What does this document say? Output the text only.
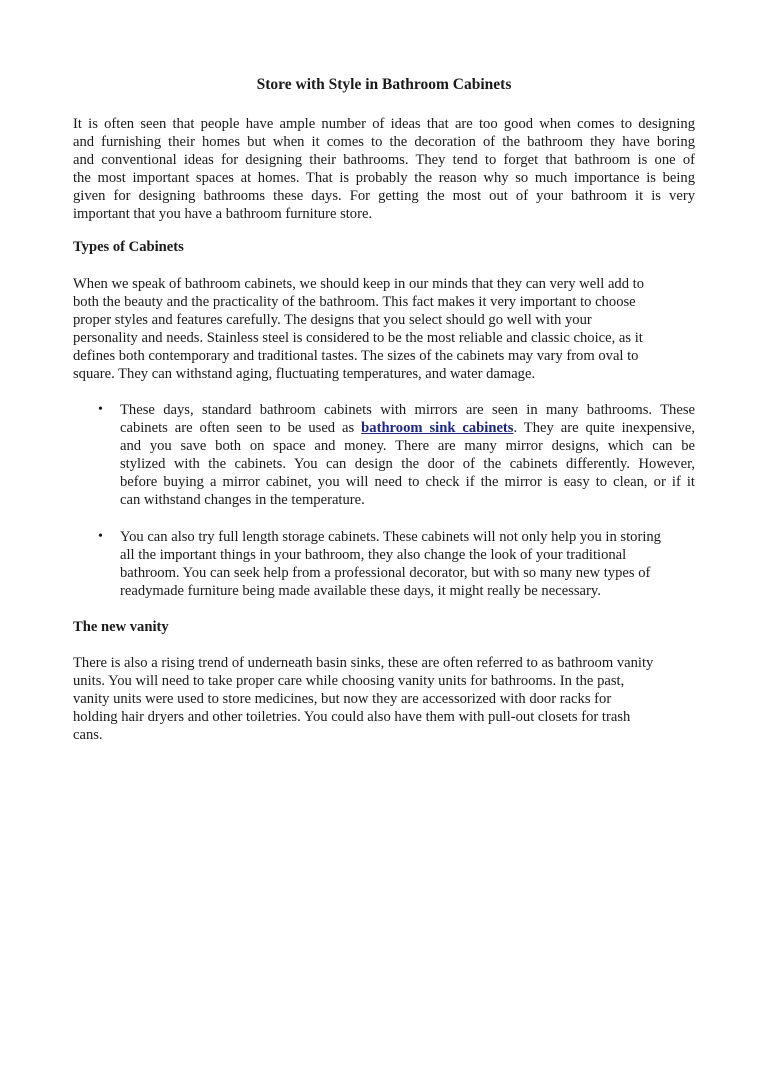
Store with Style in Bathroom Cabinets
It is often seen that people have ample number of ideas that are too good when comes to designing
and furnishing their homes but when it comes to the decoration of the bathroom they have boring
and conventional ideas for designing their bathrooms. They tend to forget that bathroom is one of
the most important spaces at homes. That is probably the reason why so much importance is being
given for designing bathrooms these days. For getting the most out of your bathroom it is very
important that you have a bathroom furniture store.
Types of Cabinets
When we speak of bathroom cabinets, we should keep in our minds that they can very well add to
both the beauty and the practicality of the bathroom. This fact makes it very important to choose
proper styles and features carefully. The designs that you select should go well with your
personality and needs. Stainless steel is considered to be the most reliable and classic choice, as it
defines both contemporary and traditional tastes. The sizes of the cabinets may vary from oval to
square. They can withstand aging, fluctuating temperatures, and water damage.
• These days, standard bathroom cabinets with mirrors are seen in many bathrooms. These
cabinets are often seen to be used as bathroom sink cabinets. They are quite inexpensive,
and you save both on space and money. There are many mirror designs, which can be
stylized with the cabinets. You can design the door of the cabinets differently. However,
before buying a mirror cabinet, you will need to check if the mirror is easy to clean, or if it
can withstand changes in the temperature.
• You can also try full length storage cabinets. These cabinets will not only help you in storing
all the important things in your bathroom, they also change the look of your traditional
bathroom. You can seek help from a professional decorator, but with so many new types of
readymade furniture being made available these days, it might really be necessary.
The new vanity
There is also a rising trend of underneath basin sinks, these are often referred to as bathroom vanity
units. You will need to take proper care while choosing vanity units for bathrooms. In the past,
vanity units were used to store medicines, but now they are accessorized with door racks for
holding hair dryers and other toiletries. You could also have them with pull-out closets for trash
cans.
